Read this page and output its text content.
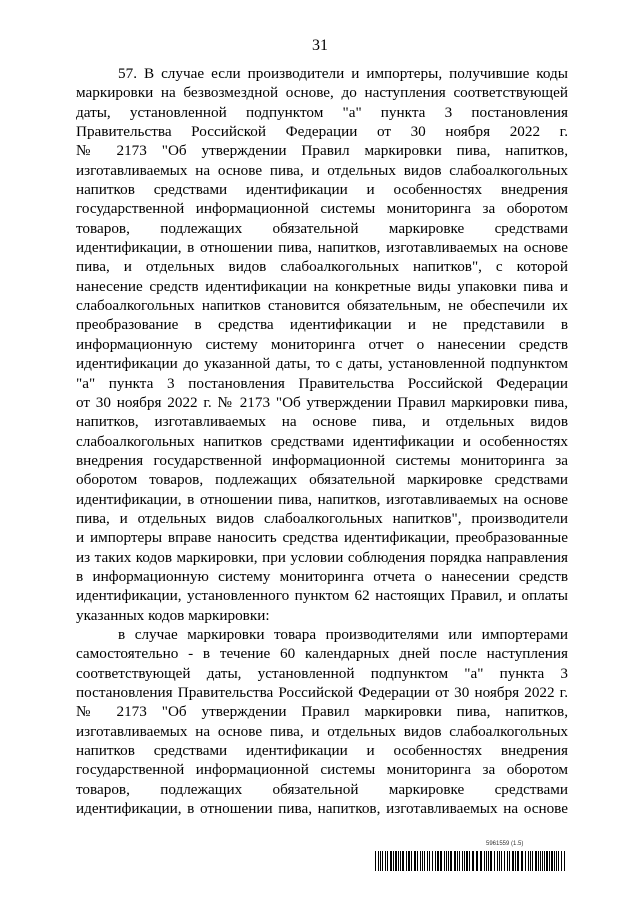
31
57. В случае если производители и импортеры, получившие коды
маркировки на безвозмездной основе, до наступления соответствующей
даты, установленной подпунктом "а" пункта 3 постановления
Правительства Российской Федерации от 30 ноября 2022 г.
№ 2173 "Об утверждении Правил маркировки пива, напитков,
изготавливаемых на основе пива, и отдельных видов слабоалкогольных
напитков средствами идентификации и особенностях внедрения
государственной информационной системы мониторинга за оборотом
товаров, подлежащих обязательной маркировке средствами
идентификации, в отношении пива, напитков, изготавливаемых на основе
пива, и отдельных видов слабоалкогольных напитков", с которой
нанесение средств идентификации на конкретные виды упаковки пива и
слабоалкогольных напитков становится обязательным, не обеспечили их
преобразование в средства идентификации и не представили в
информационную систему мониторинга отчет о нанесении средств
идентификации до указанной даты, то с даты, установленной подпунктом
"а" пункта 3 постановления Правительства Российской Федерации
от 30 ноября 2022 г. № 2173 "Об утверждении Правил маркировки пива,
напитков, изготавливаемых на основе пива, и отдельных видов
слабоалкогольных напитков средствами идентификации и особенностях
внедрения государственной информационной системы мониторинга за
оборотом товаров, подлежащих обязательной маркировке средствами
идентификации, в отношении пива, напитков, изготавливаемых на основе
пива, и отдельных видов слабоалкогольных напитков", производители
и импортеры вправе наносить средства идентификации, преобразованные
из таких кодов маркировки, при условии соблюдения порядка направления
в информационную систему мониторинга отчета о нанесении средств
идентификации, установленного пунктом 62 настоящих Правил, и оплаты
указанных кодов маркировки:
в случае маркировки товара производителями или импортерами
самостоятельно - в течение 60 календарных дней после наступления
соответствующей даты, установленной подпунктом "а" пункта 3
постановления Правительства Российской Федерации от 30 ноября 2022 г.
№ 2173 "Об утверждении Правил маркировки пива, напитков,
изготавливаемых на основе пива, и отдельных видов слабоалкогольных
напитков средствами идентификации и особенностях внедрения
государственной информационной системы мониторинга за оборотом
товаров, подлежащих обязательной маркировке средствами
идентификации, в отношении пива, напитков, изготавливаемых на основе
5961559 (1.5)
